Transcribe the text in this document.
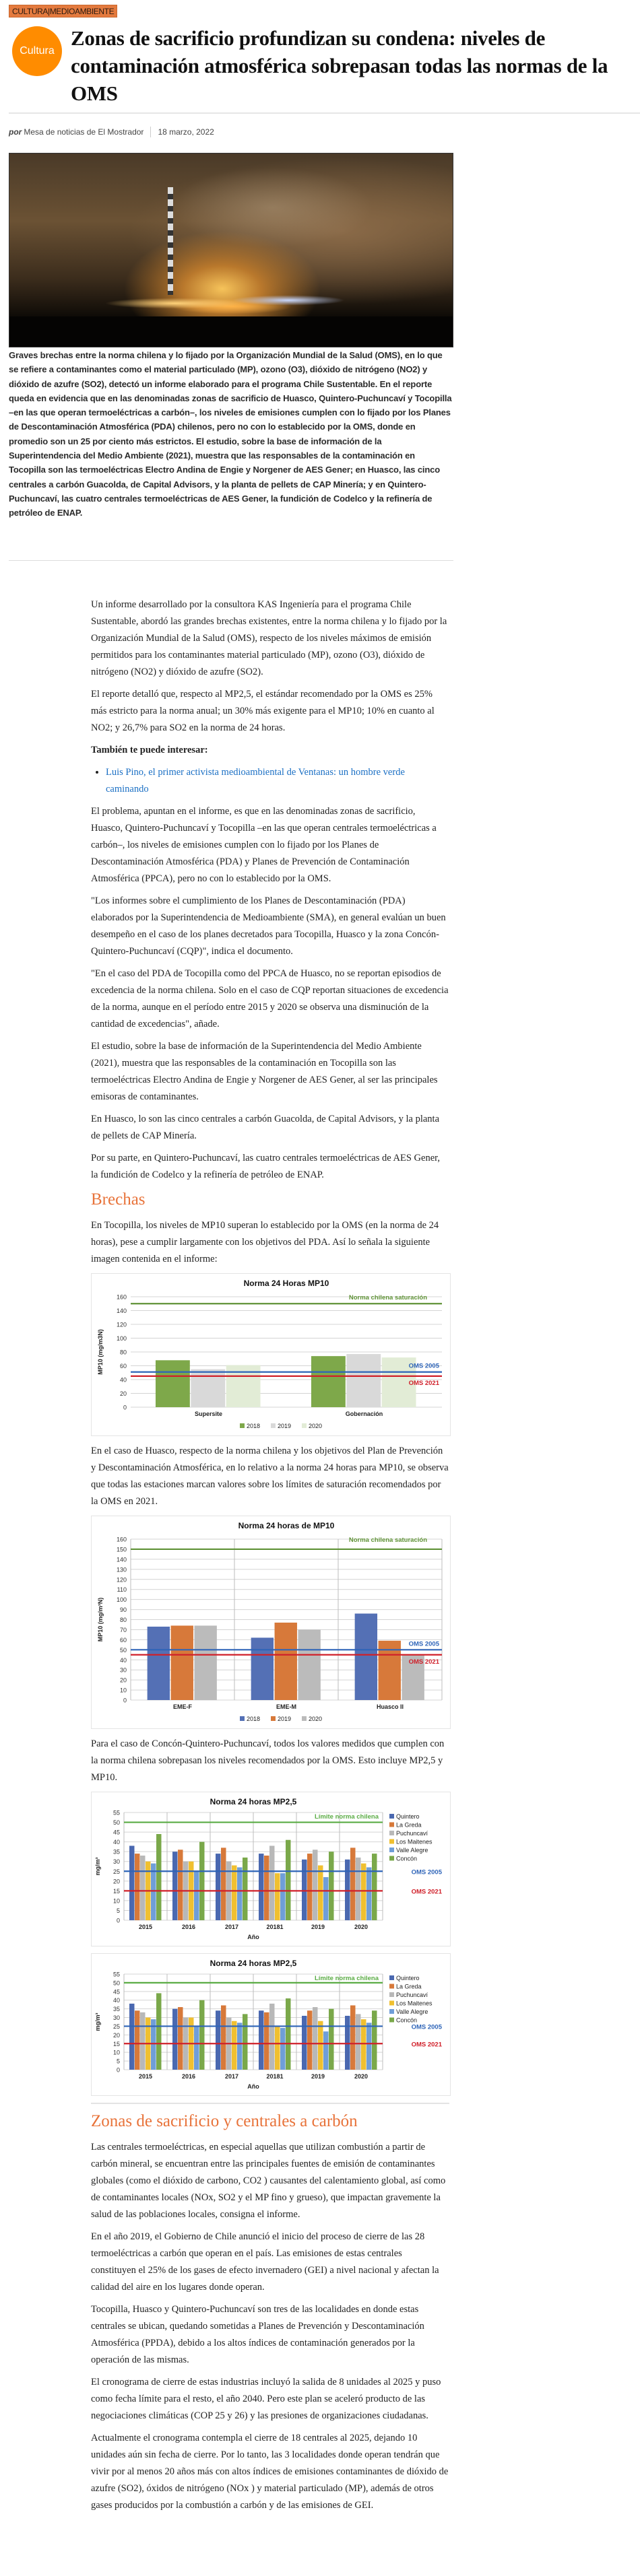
CULTURA|MEDIOAMBIENTE
Cultura
Zonas de sacrificio profundizan su condena: niveles de contaminación atmosférica sobrepasan todas las normas de la OMS
por Mesa de noticias de El Mostrador 18 marzo, 2022

Graves brechas entre la norma chilena y lo fijado por la Organización Mundial de la Salud (OMS), en lo que se refiere a contaminantes como el material particulado (MP), ozono (O3), dióxido de nitrógeno (NO2) y dióxido de azufre (SO2), detectó un informe elaborado para el programa Chile Sustentable. En el reporte queda en evidencia que en las denominadas zonas de sacrificio de Huasco, Quintero-Puchuncaví y Tocopilla –en las que operan termoeléctricas a carbón–, los niveles de emisiones cumplen con lo fijado por los Planes de Descontaminación Atmosférica (PDA) chilenos, pero no con lo establecido por la OMS, donde en promedio son un 25 por ciento más estrictos. El estudio, sobre la base de información de la Superintendencia del Medio Ambiente (2021), muestra que las responsables de la contaminación en Tocopilla son las termoeléctricas Electro Andina de Engie y Norgener de AES Gener; en Huasco, las cinco centrales a carbón Guacolda, de Capital Advisors, y la planta de pellets de CAP Minería; y en Quintero-Puchuncaví, las cuatro centrales termoeléctricas de AES Gener, la fundición de Codelco y la refinería de petróleo de ENAP.

Un informe desarrollado por la consultora KAS Ingeniería para el programa Chile Sustentable, abordó las grandes brechas existentes, entre la norma chilena y lo fijado por la Organización Mundial de la Salud (OMS), respecto de los niveles máximos de emisión permitidos para los contaminantes material particulado (MP), ozono (O3), dióxido de nitrógeno (NO2) y dióxido de azufre (SO2).

El reporte detalló que, respecto al MP2,5, el estándar recomendado por la OMS es 25% más estricto para la norma anual; un 30% más exigente para el MP10; 10% en cuanto al NO2; y 26,7% para SO2 en la norma de 24 horas.

También te puede interesar:

• Luis Pino, el primer activista medioambiental de Ventanas: un hombre verde caminando

El problema, apuntan en el informe, es que en las denominadas zonas de sacrificio, Huasco, Quintero-Puchuncaví y Tocopilla –en las que operan centrales termoeléctricas a carbón–, los niveles de emisiones cumplen con lo fijado por los Planes de Descontaminación Atmosférica (PDA) y Planes de Prevención de Contaminación Atmosférica (PPCA), pero no con lo establecido por la OMS.

"Los informes sobre el cumplimiento de los Planes de Descontaminación (PDA) elaborados por la Superintendencia de Medioambiente (SMA), en general evalúan un buen desempeño en el caso de los planes decretados para Tocopilla, Huasco y la zona Concón-Quintero-Puchuncaví (CQP)", indica el documento.

"En el caso del PDA de Tocopilla como del PPCA de Huasco, no se reportan episodios de excedencia de la norma chilena. Solo en el caso de CQP reportan situaciones de excedencia de la norma, aunque en el período entre 2015 y 2020 se observa una disminución de la cantidad de excedencias", añade.

El estudio, sobre la base de información de la Superintendencia del Medio Ambiente (2021), muestra que las responsables de la contaminación en Tocopilla son las termoeléctricas Electro Andina de Engie y Norgener de AES Gener, al ser las principales emisoras de contaminantes.

En Huasco, lo son las cinco centrales a carbón Guacolda, de Capital Advisors, y la planta de pellets de CAP Minería.

Por su parte, en Quintero-Puchuncaví, las cuatro centrales termoeléctricas de AES Gener, la fundición de Codelco y la refinería de petróleo de ENAP.

Brechas

En Tocopilla, los niveles de MP10 superan lo establecido por la OMS (en la norma de 24 horas), pese a cumplir largamente con los objetivos del PDA. Así lo señala la siguiente imagen contenida en el informe:

Norma 24 Horas MP10
0
20
40
60
80
100
120
140
160
Supersite	Gobernación
Norma chilena saturación
OMS 2005
OMS 2021
MP10 (mg/m3N)
2018	2019	2020

En el caso de Huasco, respecto de la norma chilena y los objetivos del Plan de Prevención y Descontaminación Atmosférica, en lo relativo a la norma 24 horas para MP10, se observa que todas las estaciones marcan valores sobre los límites de saturación recomendados por la OMS en 2021.

Norma 24 horas de MP10
0
10
20
30
40
50
60
70
80
90
100
110
120
130
140
150
160
EME-F	EME-M	Huasco II
Norma chilena saturación
OMS 2005
OMS 2021
MP10 (mg/m³N)
2018	2019	2020

Para el caso de Concón-Quintero-Puchuncaví, todos los valores medidos que cumplen con la norma chilena sobrepasan los niveles recomendados por la OMS. Esto incluye MP2,5 y MP10.

Norma 24 horas MP2,5
0
5
10
15
20
25
30
35
40
45
50
55
2015	2016	2017	20181	2019	2020
Límite norma chilena
OMS 2005
OMS 2021
mg/m³
Año
Quintero
La Greda
Puchuncaví
Los Maitenes
Valle Alegre
Concón
Norma 24 horas MP2,5
0
5
10
15
20
25
30
35
40
45
50
55
2015	2016	2017	20181	2019	2020
Límite norma chilena
OMS 2005
OMS 2021
mg/m³
Año
Quintero
La Greda
Puchuncaví
Los Maitenes
Valle Alegre
Concón
Zonas de sacrificio y centrales a carbón

Las centrales termoeléctricas, en especial aquellas que utilizan combustión a partir de carbón mineral, se encuentran entre las principales fuentes de emisión de contaminantes globales (como el dióxido de carbono, CO2 ) causantes del calentamiento global, así como de contaminantes locales (NOx, SO2 y el MP fino y grueso), que impactan gravemente la salud de las poblaciones locales, consigna el informe.

En el año 2019, el Gobierno de Chile anunció el inicio del proceso de cierre de las 28 termoeléctricas a carbón que operan en el país. Las emisiones de estas centrales constituyen el 25% de los gases de efecto invernadero (GEI) a nivel nacional y afectan la calidad del aire en los lugares donde operan.

Tocopilla, Huasco y Quintero-Puchuncaví son tres de las localidades en donde estas centrales se ubican, quedando sometidas a Planes de Prevención y Descontaminación Atmosférica (PPDA), debido a los altos índices de contaminación generados por la operación de las mismas.

El cronograma de cierre de estas industrias incluyó la salida de 8 unidades al 2025 y puso como fecha límite para el resto, el año 2040. Pero este plan se aceleró producto de las negociaciones climáticas (COP 25 y 26) y las presiones de organizaciones ciudadanas.

Actualmente el cronograma contempla el cierre de 18 centrales al 2025, dejando 10 unidades aún sin fecha de cierre. Por lo tanto, las 3 localidades donde operan tendrán que vivir por al menos 20 años más con altos índices de emisiones contaminantes de dióxido de azufre (SO2), óxidos de nitrógeno (NOx ) y material particulado (MP), además de otros gases producidos por la combustión a carbón y de las emisiones de GEI.
